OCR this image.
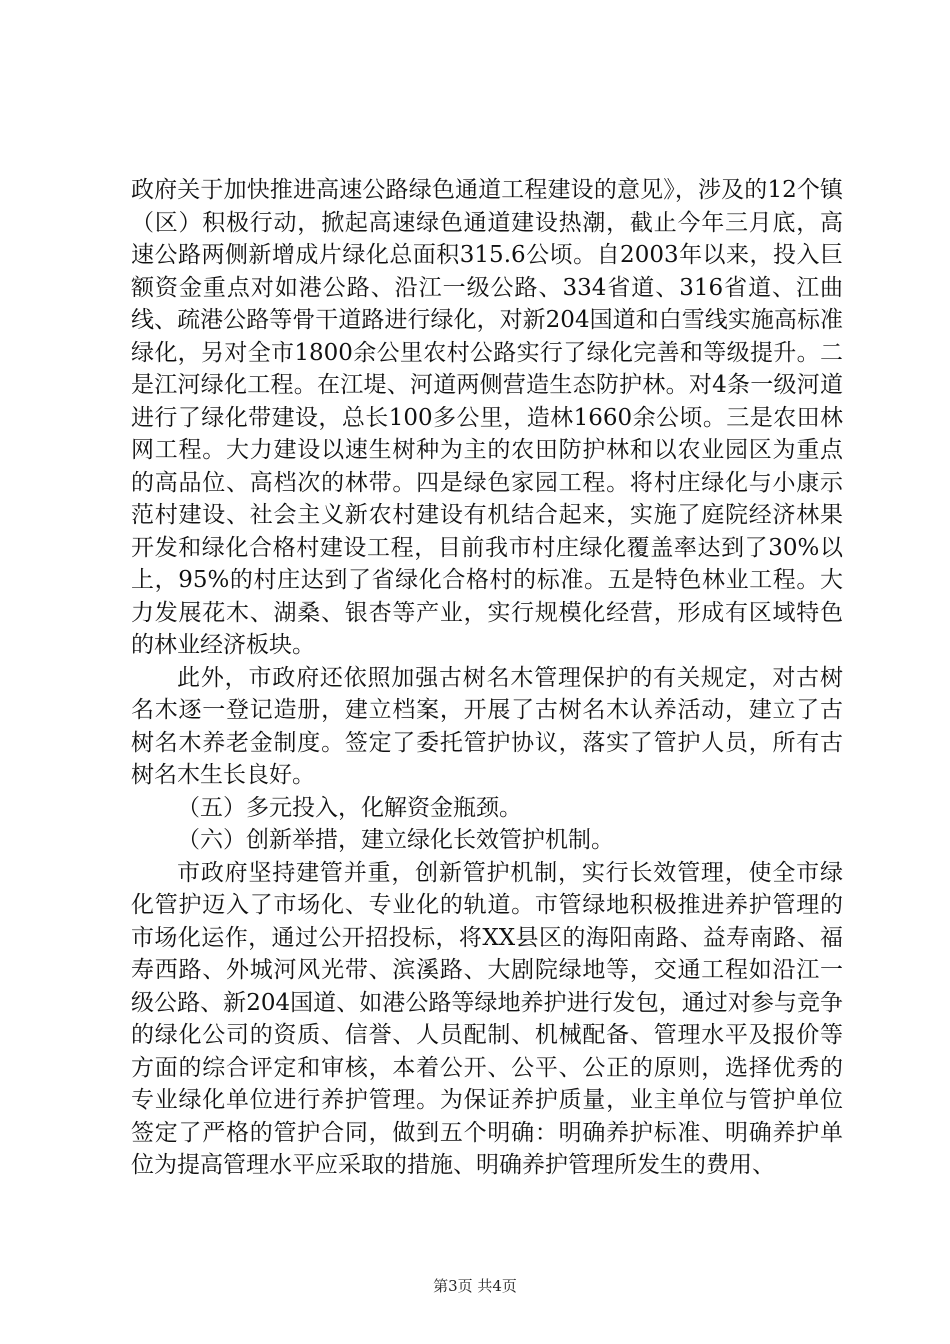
政府关于加快推进高速公路绿色通道工程建设的意见》，涉及的12个镇（区）积极行动，掀起高速绿色通道建设热潮，截止今年三月底，高速公路两侧新增成片绿化总面积315.6公顷。自2003年以来，投入巨额资金重点对如港公路、沿江一级公路、334省道、316省道、江曲线、疏港公路等骨干道路进行绿化，对新204国道和白雪线实施高标准绿化，另对全市1800余公里农村公路实行了绿化完善和等级提升。二是江河绿化工程。在江堤、河道两侧营造生态防护林。对4条一级河道进行了绿化带建设，总长100多公里，造林1660余公顷。三是农田林网工程。大力建设以速生树种为主的农田防护林和以农业园区为重点的高品位、高档次的林带。四是绿色家园工程。将村庄绿化与小康示范村建设、社会主义新农村建设有机结合起来，实施了庭院经济林果开发和绿化合格村建设工程，目前我市村庄绿化覆盖率达到了30%以上，95%的村庄达到了省绿化合格村的标准。五是特色林业工程。大力发展花木、湖桑、银杏等产业，实行规模化经营，形成有区域特色的林业经济板块。

此外，市政府还依照加强古树名木管理保护的有关规定，对古树名木逐一登记造册，建立档案，开展了古树名木认养活动，建立了古树名木养老金制度。签定了委托管护协议，落实了管护人员，所有古树名木生长良好。

（五）多元投入，化解资金瓶颈。

（六）创新举措，建立绿化长效管护机制。

市政府坚持建管并重，创新管护机制，实行长效管理，使全市绿化管护迈入了市场化、专业化的轨道。市管绿地积极推进养护管理的市场化运作，通过公开招投标，将XX县区的海阳南路、益寿南路、福寿西路、外城河风光带、滨溪路、大剧院绿地等，交通工程如沿江一级公路、新204国道、如港公路等绿地养护进行发包，通过对参与竞争的绿化公司的资质、信誉、人员配制、机械配备、管理水平及报价等方面的综合评定和审核，本着公开、公平、公正的原则，选择优秀的专业绿化单位进行养护管理。为保证养护质量，业主单位与管护单位签定了严格的管护合同，做到五个明确：明确养护标准、明确养护单位为提高管理水平应采取的措施、明确养护管理所发生的费用、

第3页 共4页
